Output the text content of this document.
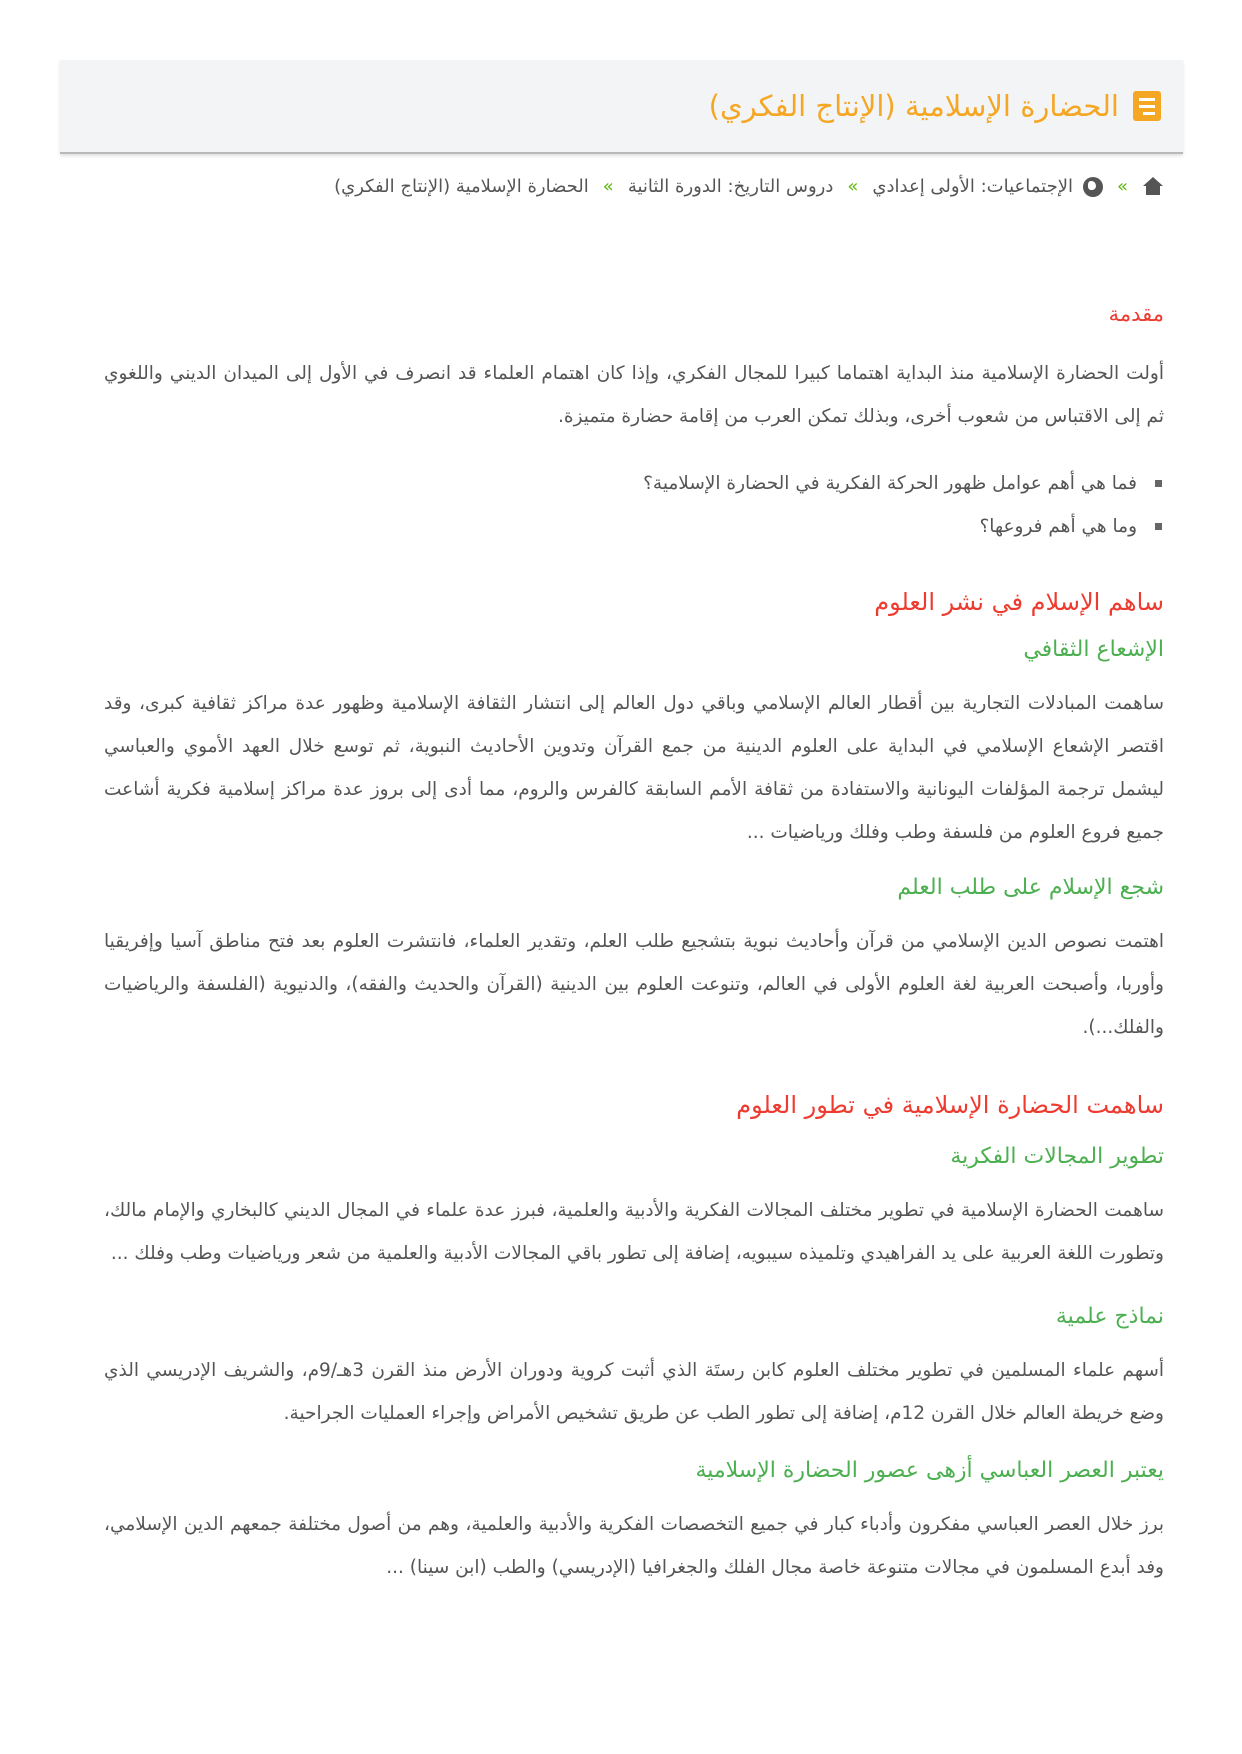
الحضارة الإسلامية (الإنتاج الفكري)
»
الإجتماعيات: الأولى إعدادي
»
دروس التاريخ: الدورة الثانية
»
الحضارة الإسلامية (الإنتاج الفكري)
مقدمة

أولت الحضارة الإسلامية منذ البداية اهتماما كبيرا للمجال الفكري، وإذا كان اهتمام العلماء قد انصرف في الأول إلى الميدان الديني واللغوي ثم إلى الاقتباس من شعوب أخرى، وبذلك تمكن العرب من إقامة حضارة متميزة.

فما هي أهم عوامل ظهور الحركة الفكرية في الحضارة الإسلامية؟
وما هي أهم فروعها؟
ساهم الإسلام في نشر العلوم
الإشعاع الثقافي

ساهمت المبادلات التجارية بين أقطار العالم الإسلامي وباقي دول العالم إلى انتشار الثقافة الإسلامية وظهور عدة مراكز ثقافية كبرى، وقد اقتصر الإشعاع الإسلامي في البداية على العلوم الدينية من جمع القرآن وتدوين الأحاديث النبوية، ثم توسع خلال العهد الأموي والعباسي ليشمل ترجمة المؤلفات اليونانية والاستفادة من ثقافة الأمم السابقة كالفرس والروم، مما أدى إلى بروز عدة مراكز إسلامية فكرية أشاعت جميع فروع العلوم من فلسفة وطب وفلك ورياضيات ...

شجع الإسلام على طلب العلم

اهتمت نصوص الدين الإسلامي من قرآن وأحاديث نبوية بتشجيع طلب العلم، وتقدير العلماء، فانتشرت العلوم بعد فتح مناطق آسيا وإفريقيا وأوربا، وأصبحت العربية لغة العلوم الأولى في العالم، وتنوعت العلوم بين الدينية (القرآن والحديث والفقه)، والدنيوية (الفلسفة والرياضيات والفلك...).

ساهمت الحضارة الإسلامية في تطور العلوم
تطوير المجالات الفكرية

ساهمت الحضارة الإسلامية في تطوير مختلف المجالات الفكرية والأدبية والعلمية، فبرز عدة علماء في المجال الديني كالبخاري والإمام مالك، وتطورت اللغة العربية على يد الفراهيدي وتلميذه سيبويه، إضافة إلى تطور باقي المجالات الأدبية والعلمية من شعر ورياضيات وطب وفلك ...

نماذج علمية

أسهم علماء المسلمين في تطوير مختلف العلوم كابن رستَة الذي أثبت كروية ودوران الأرض منذ القرن 3هـ/9م، والشريف الإدريسي الذي وضع خريطة العالم خلال القرن 12م، إضافة إلى تطور الطب عن طريق تشخيص الأمراض وإجراء العمليات الجراحية.

يعتبر العصر العباسي أزهى عصور الحضارة الإسلامية

برز خلال العصر العباسي مفكرون وأدباء كبار في جميع التخصصات الفكرية والأدبية والعلمية، وهم من أصول مختلفة جمعهم الدين الإسلامي، وفد أبدع المسلمون في مجالات متنوعة خاصة مجال الفلك والجغرافيا (الإدريسي) والطب (ابن سينا) ...
